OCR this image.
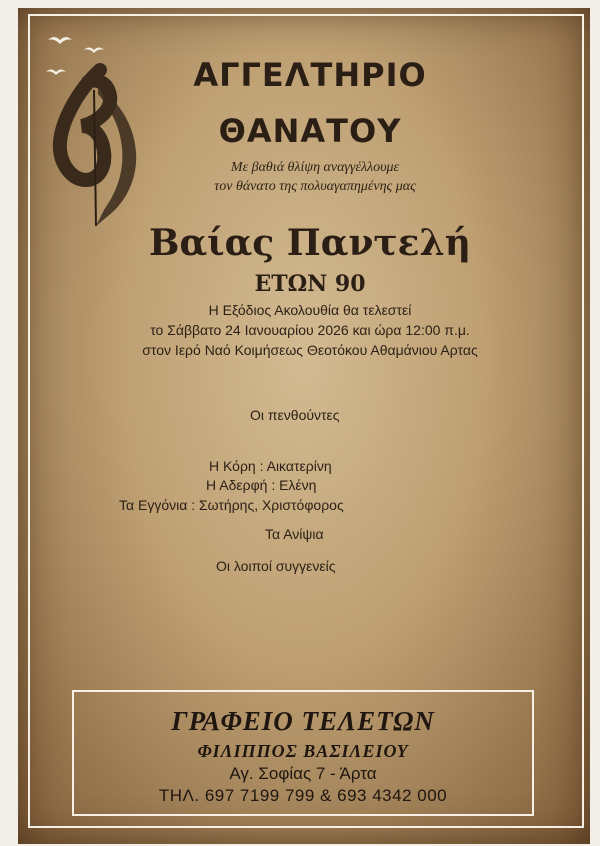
ΑΓΓΕΛΤΗΡΙΟ
ΘΑΝΑΤΟΥ
Με βαθιά θλίψη αναγγέλλουμε
τον θάνατο της πολυαγαπημένης μας
Βαίας Παντελή
ΕΤΩΝ 90
Η Εξόδιος Ακολουθία θα τελεστεί
το Σάββατο 24 Ιανουαρίου 2026 και ώρα 12:00 π.μ.
στον Ιερό Ναό Κοιμήσεως Θεοτόκου Αθαμάνιου Αρτας
Οι πενθούντες
Η Κόρη : Αικατερίνη
Η Αδερφή : Ελένη
Τα Εγγόνια : Σωτήρης, Χριστόφορος
Τα Ανίψια
Οι λοιποί συγγενείς
ΓΡΑΦΕΙΟ ΤΕΛΕΤΩΝ
ΦΙΛΙΠΠΟΣ ΒΑΣΙΛΕΙΟΥ
Αγ. Σοφίας 7 - Άρτα
ΤΗΛ. 697 7199 799 & 693 4342 000
